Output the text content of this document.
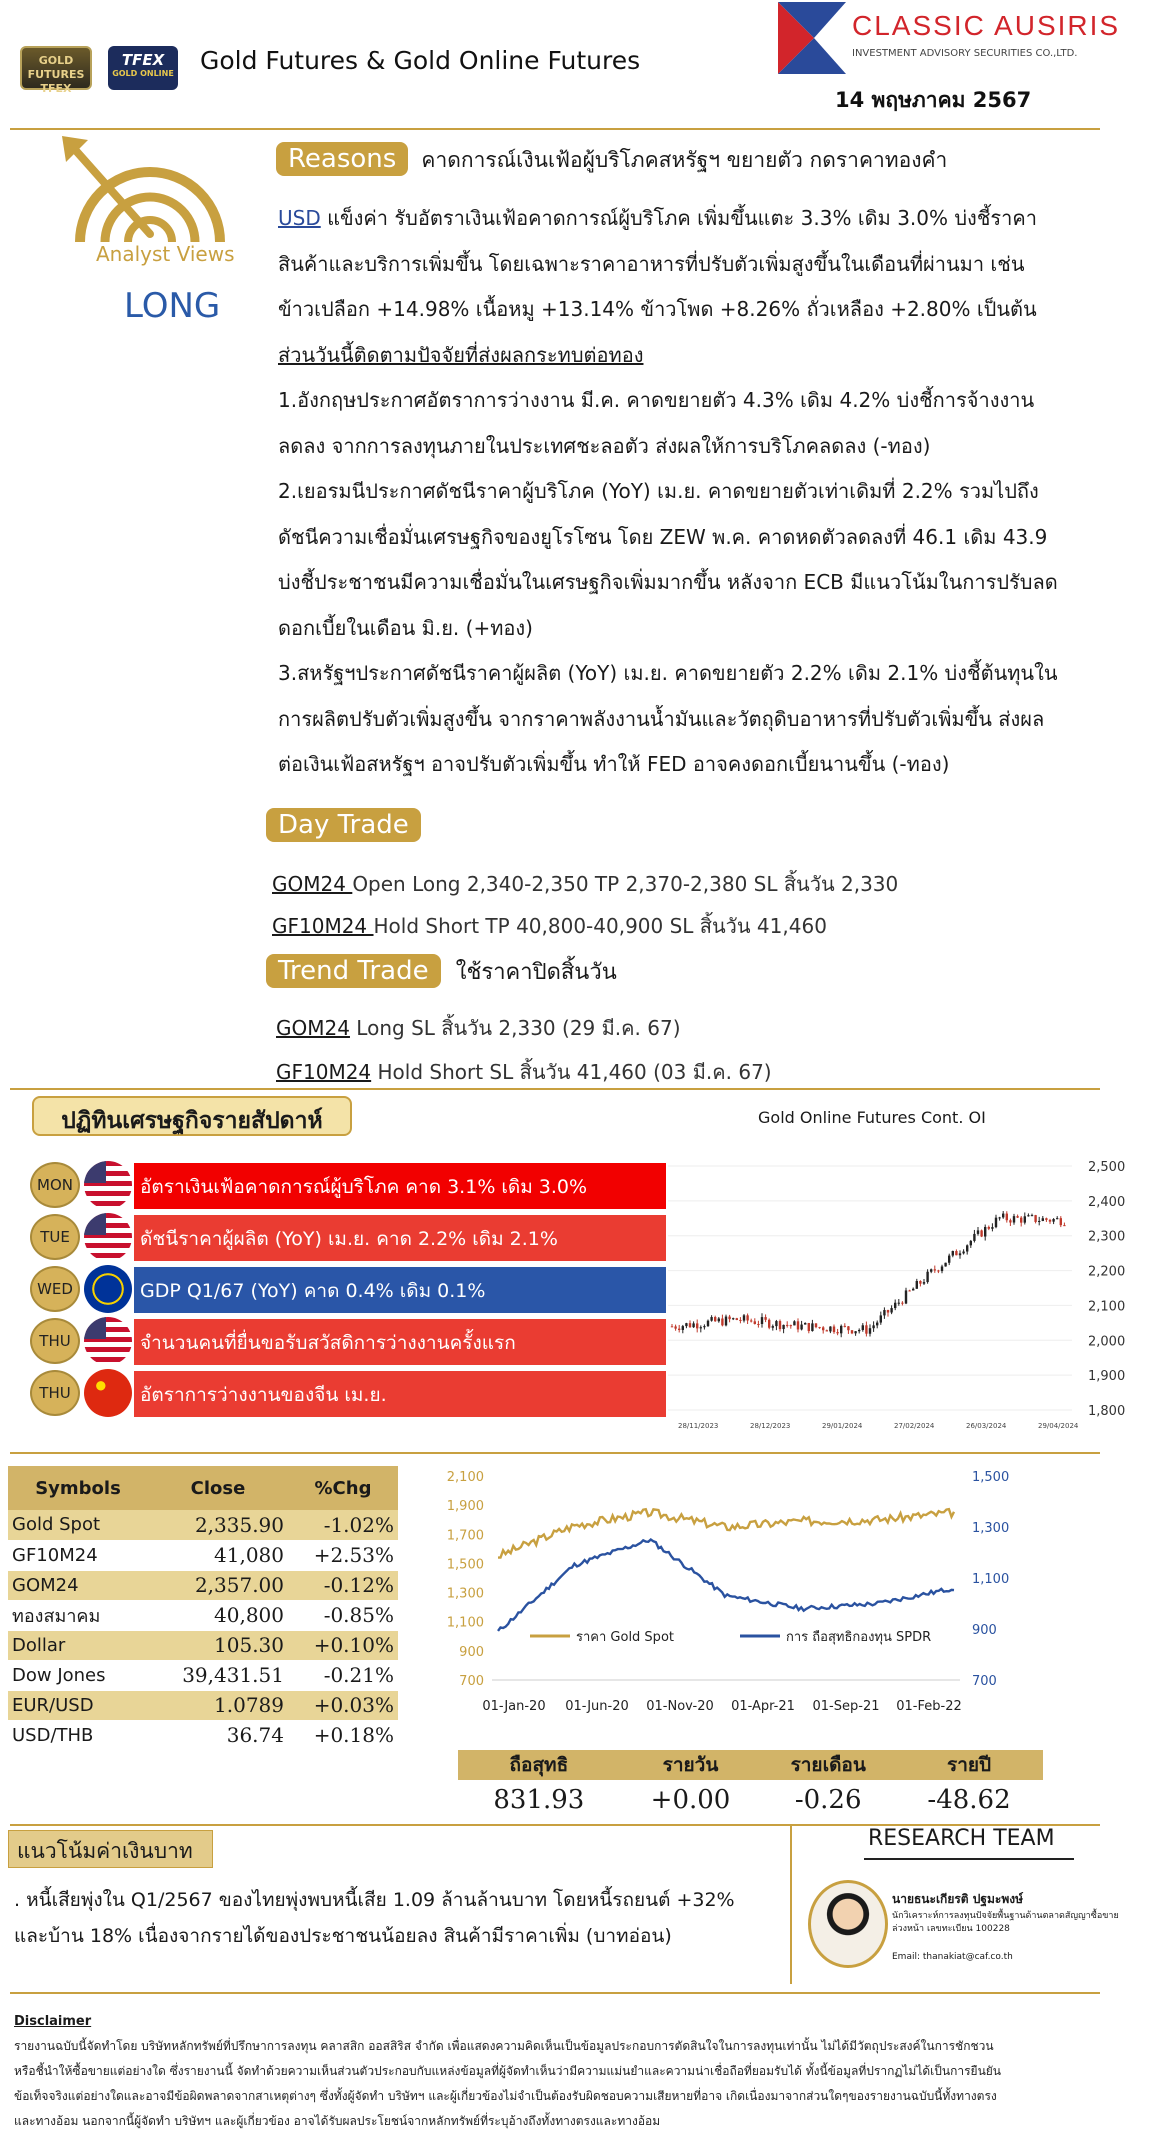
GOLD FUTURES TFEX
TFEX
GOLD ONLINE Gold Futures & Gold Online Futures
CLASSIC AUSIRIS
INVESTMENT ADVISORY SECURITIES CO.,LTD.
14 พฤษภาคม 2567
Analyst Views
LONG
Reasons คาดการณ์เงินเฟ้อผู้บริโภคสหรัฐฯ ขยายตัว กดราคาทองคำ
USD แข็งค่า รับอัตราเงินเฟ้อคาดการณ์ผู้บริโภค เพิ่มขึ้นแตะ 3.3% เดิม 3.0% บ่งชี้ราคา
สินค้าและบริการเพิ่มขึ้น โดยเฉพาะราคาอาหารที่ปรับตัวเพิ่มสูงขึ้นในเดือนที่ผ่านมา เช่น
ข้าวเปลือก +14.98% เนื้อหมู +13.14% ข้าวโพด +8.26% ถั่วเหลือง +2.80% เป็นต้น
ส่วนวันนี้ติดตามปัจจัยที่ส่งผลกระทบต่อทอง
1.อังกฤษประกาศอัตราการว่างงาน มี.ค. คาดขยายตัว 4.3% เดิม 4.2% บ่งชี้การจ้างงาน
ลดลง จากการลงทุนภายในประเทศชะลอตัว ส่งผลให้การบริโภคลดลง (-ทอง)
2.เยอรมนีประกาศดัชนีราคาผู้บริโภค (YoY) เม.ย. คาดขยายตัวเท่าเดิมที่ 2.2% รวมไปถึง
ดัชนีความเชื่อมั่นเศรษฐกิจของยูโรโซน โดย ZEW พ.ค. คาดหดตัวลดลงที่ 46.1 เดิม 43.9
บ่งชี้ประชาชนมีความเชื่อมั่นในเศรษฐกิจเพิ่มมากขึ้น หลังจาก ECB มีแนวโน้มในการปรับลด
ดอกเบี้ยในเดือน มิ.ย. (+ทอง)
3.สหรัฐฯประกาศดัชนีราคาผู้ผลิต (YoY) เม.ย. คาดขยายตัว 2.2% เดิม 2.1% บ่งชี้ต้นทุนใน
การผลิตปรับตัวเพิ่มสูงขึ้น จากราคาพลังงานน้ำมันและวัตถุดิบอาหารที่ปรับตัวเพิ่มขึ้น ส่งผล
ต่อเงินเฟ้อสหรัฐฯ อาจปรับตัวเพิ่มขึ้น ทำให้ FED อาจคงดอกเบี้ยนานขึ้น (-ทอง)
Day Trade
GOM24 Open Long 2,340-2,350 TP 2,370-2,380 SL สิ้นวัน 2,330
GF10M24 Hold Short TP 40,800-40,900 SL สิ้นวัน 41,460
Trend Trade ใช้ราคาปิดสิ้นวัน
GOM24 Long SL สิ้นวัน 2,330 (29 มี.ค. 67)
GF10M24 Hold Short SL สิ้นวัน 41,460 (03 มี.ค. 67)
ปฏิทินเศรษฐกิจรายสัปดาห์
MON	อัตราเงินเฟ้อคาดการณ์ผู้บริโภค คาด 3.1% เดิม 3.0%
TUE	ดัชนีราคาผู้ผลิต (YoY) เม.ย. คาด 2.2% เดิม 2.1%
WED	GDP Q1/67 (YoY) คาด 0.4% เดิม 0.1%
THU	จำนวนคนที่ยื่นขอรับสวัสดิการว่างงานครั้งแรก
THU	อัตราการว่างงานของจีน เม.ย.
Gold Online Futures Cont. OI
2,500
2,400
2,300
2,200
2,100
2,000
1,900
1,800
28/11/2023	28/12/2023	29/01/2024	27/02/2024	26/03/2024	29/04/2024
Symbols	Close	%Chg
Gold Spot	2,335.90	-1.02%
GF10M24	41,080	+2.53%
GOM24	2,357.00	-0.12%
ทองสมาคม	40,800	-0.85%
Dollar	105.30	+0.10%
Dow Jones	39,431.51	-0.21%
EUR/USD	1.0789	+0.03%
USD/THB	36.74	+0.18%
2,100
1,900
1,700
1,500
1,300
1,100
900
700
1,500
1,300
1,100
900
700
01-Jan-20 01-Jun-20 01-Nov-20 01-Apr-21 01-Sep-21 01-Feb-22
ราคา Gold Spot	การ ถือสุทธิกองทุน SPDR
ถือสุทธิ	รายวัน	รายเดือน	รายปี
831.93	+0.00	-0.26	-48.62
แนวโน้มค่าเงินบาท
. หนี้เสียพุ่งใน Q1/2567 ของไทยพุ่งพบหนี้เสีย 1.09 ล้านล้านบาท โดยหนี้รถยนต์ +32%
และบ้าน 18% เนื่องจากรายได้ของประชาชนน้อยลง สินค้ามีราคาเพิ่ม (บาทอ่อน)
RESEARCH TEAM
นายธนะเกียรติ ปฐมะพงษ์
นักวิเคราะห์การลงทุนปัจจัยพื้นฐานด้านตลาดสัญญาซื้อขายล่วงหน้า เลขทะเบียน 100228
Email: thanakiat@caf.co.th
Disclaimer
รายงานฉบับนี้จัดทำโดย บริษัทหลักทรัพย์ที่ปรึกษาการลงทุน คลาสสิก ออสสิริส จำกัด เพื่อแสดงความคิดเห็นเป็นข้อมูลประกอบการตัดสินใจในการลงทุนเท่านั้น ไม่ได้มีวัตถุประสงค์ในการชักชวน
หรือชี้นำให้ซื้อขายแต่อย่างใด ซึ่งรายงานนี้ จัดทำด้วยความเห็นส่วนตัวประกอบกับแหล่งข้อมูลที่ผู้จัดทำเห็นว่ามีความแม่นยำและความน่าเชื่อถือที่ยอมรับได้ ทั้งนี้ข้อมูลที่ปรากฏไม่ได้เป็นการยืนยัน
ข้อเท็จจริงแต่อย่างใดและอาจมีข้อผิดพลาดจากสาเหตุต่างๆ ซึ่งทั้งผู้จัดทำ บริษัทฯ และผู้เกี่ยวข้องไม่จำเป็นต้องรับผิดชอบความเสียหายที่อาจ เกิดเนื่องมาจากส่วนใดๆของรายงานฉบับนี้ทั้งทางตรง
และทางอ้อม นอกจากนี้ผู้จัดทำ บริษัทฯ และผู้เกี่ยวข้อง อาจได้รับผลประโยชน์จากหลักทรัพย์ที่ระบุอ้างถึงทั้งทางตรงและทางอ้อม
